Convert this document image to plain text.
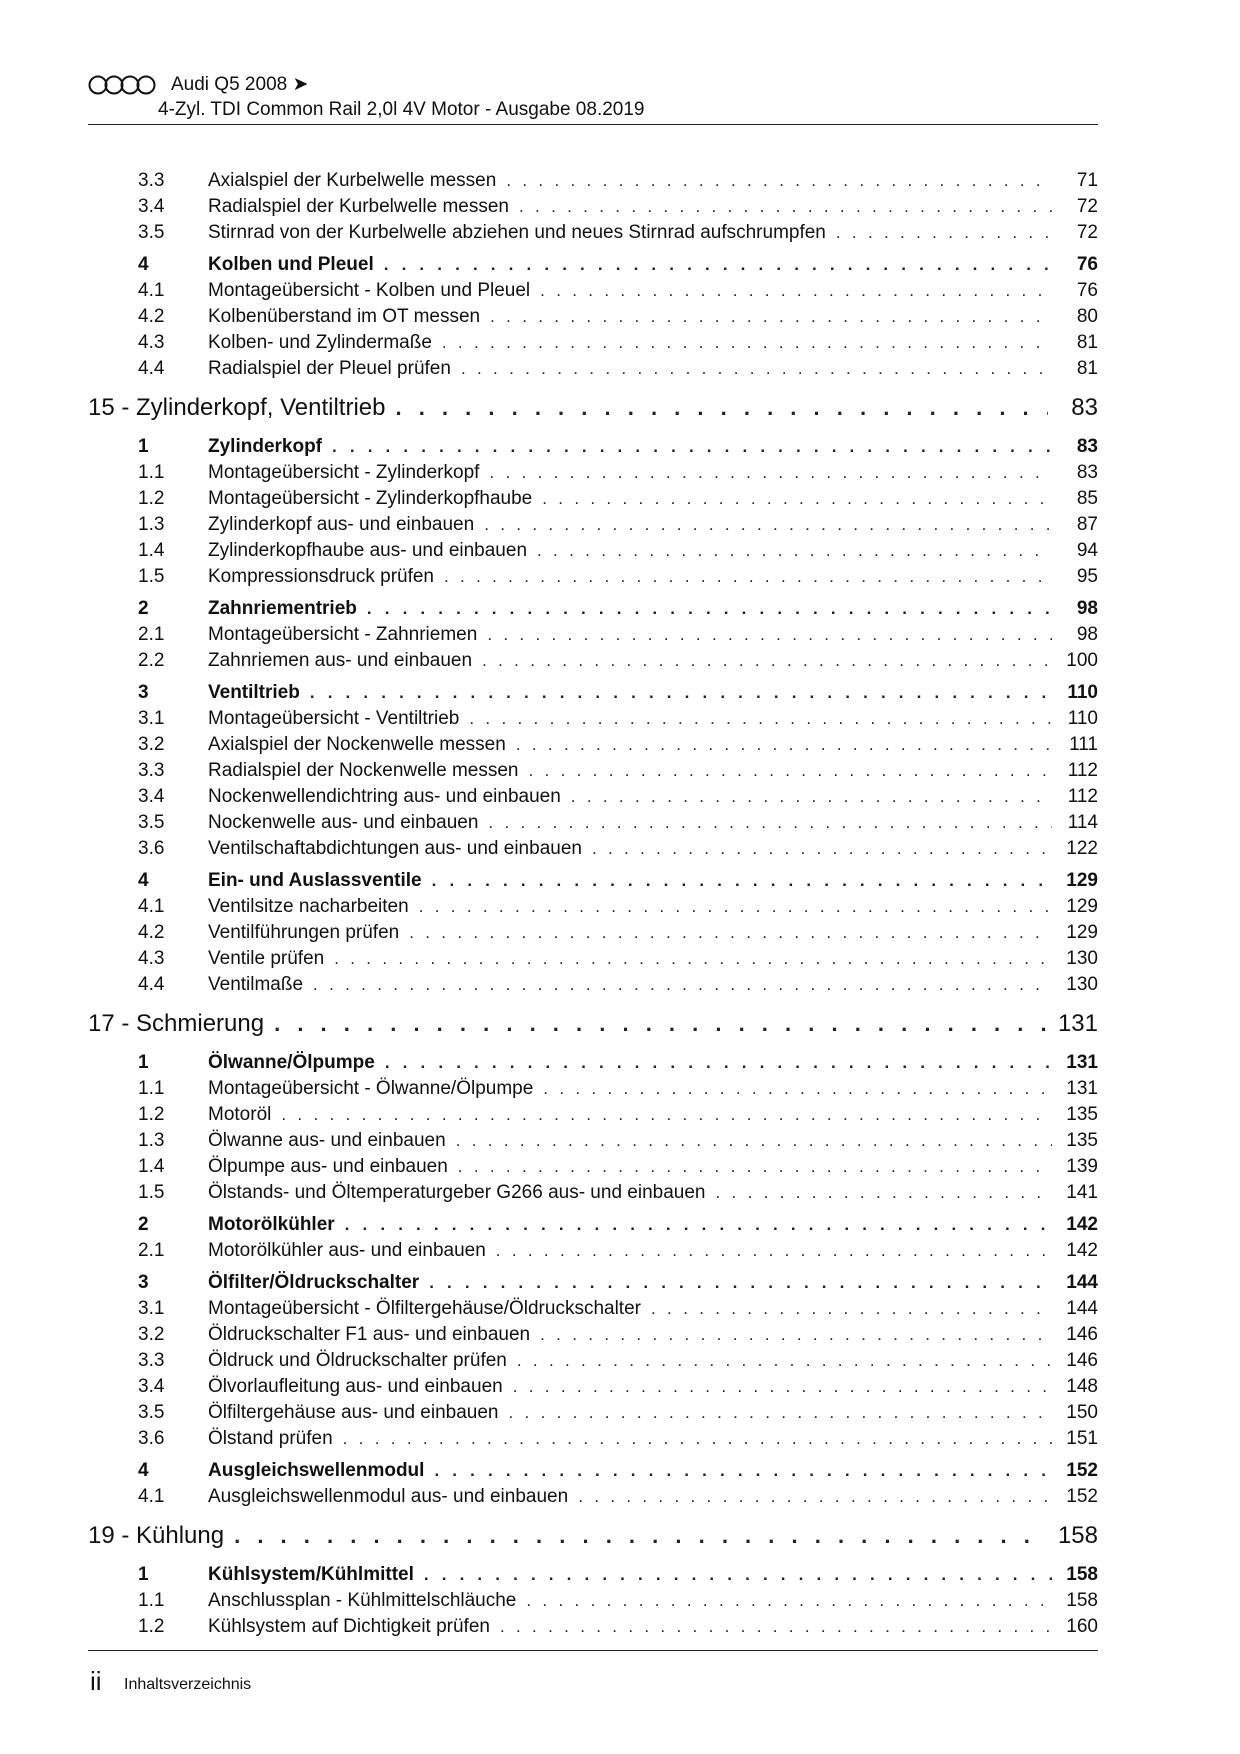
Audi Q5 2008 ➤
4-Zyl. TDI Common Rail 2,0l 4V Motor - Ausgabe 08.2019
3.3	Axialspiel der Kurbelwelle messen . . .	71
3.4	Radialspiel der Kurbelwelle messen . . .	72
3.5	Stirnrad von der Kurbelwelle abziehen und neues Stirnrad aufschrumpfen . . .	72
4	Kolben und Pleuel . . .	76
4.1	Montageübersicht - Kolben und Pleuel . . .	76
4.2	Kolbenüberstand im OT messen . . .	80
4.3	Kolben- und Zylindermaße . . .	81
4.4	Radialspiel der Pleuel prüfen . . .	81
15 - Zylinderkopf, Ventiltrieb . . .	83
1	Zylinderkopf . . .	83
1.1	Montageübersicht - Zylinderkopf . . .	83
1.2	Montageübersicht - Zylinderkopfhaube . . .	85
1.3	Zylinderkopf aus- und einbauen . . .	87
1.4	Zylinderkopfhaube aus- und einbauen . . .	94
1.5	Kompressionsdruck prüfen . . .	95
2	Zahnriementrieb . . .	98
2.1	Montageübersicht - Zahnriemen . . .	98
2.2	Zahnriemen aus- und einbauen . . .	100
3	Ventiltrieb . . .	110
3.1	Montageübersicht - Ventiltrieb . . .	110
3.2	Axialspiel der Nockenwelle messen . . .	111
3.3	Radialspiel der Nockenwelle messen . . .	112
3.4	Nockenwellendichtring aus- und einbauen . . .	112
3.5	Nockenwelle aus- und einbauen . . .	114
3.6	Ventilschaftabdichtungen aus- und einbauen . . .	122
4	Ein- und Auslassventile . . .	129
4.1	Ventilsitze nacharbeiten . . .	129
4.2	Ventilführungen prüfen . . .	129
4.3	Ventile prüfen . . .	130
4.4	Ventilmaße . . .	130
17 - Schmierung . . .	131
1	Ölwanne/Ölpumpe . . .	131
1.1	Montageübersicht - Ölwanne/Ölpumpe . . .	131
1.2	Motoröl . . .	135
1.3	Ölwanne aus- und einbauen . . .	135
1.4	Ölpumpe aus- und einbauen . . .	139
1.5	Ölstands- und Öltemperaturgeber G266 aus- und einbauen . . .	141
2	Motorölkühler . . .	142
2.1	Motorölkühler aus- und einbauen . . .	142
3	Ölfilter/Öldruckschalter . . .	144
3.1	Montageübersicht - Ölfiltergehäuse/Öldruckschalter . . .	144
3.2	Öldruckschalter F1 aus- und einbauen . . .	146
3.3	Öldruck und Öldruckschalter prüfen . . .	146
3.4	Ölvorlaufleitung aus- und einbauen . . .	148
3.5	Ölfiltergehäuse aus- und einbauen . . .	150
3.6	Ölstand prüfen . . .	151
4	Ausgleichswellenmodul . . .	152
4.1	Ausgleichswellenmodul aus- und einbauen . . .	152
19 - Kühlung . . .	158
1	Kühlsystem/Kühlmittel . . .	158
1.1	Anschlussplan - Kühlmittelschläuche . . .	158
1.2	Kühlsystem auf Dichtigkeit prüfen . . .	160
ii Inhaltsverzeichnis
